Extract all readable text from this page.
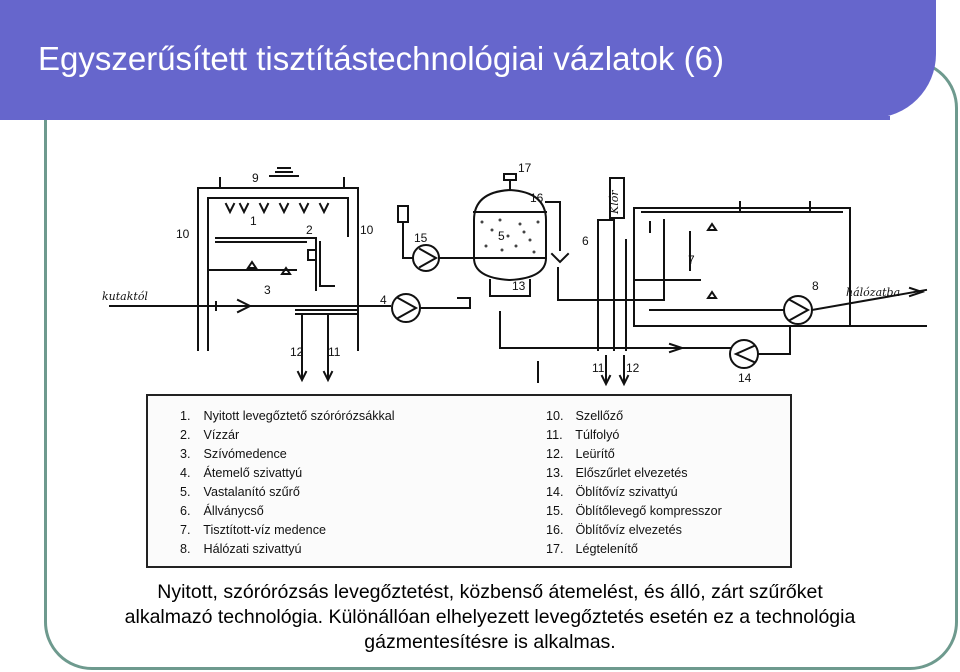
Egyszerűsített tisztítástechnológiai vázlatok (6)
kutaktól	hálózatba
Klór
1
2
3
4
5	6
7
8
9
10	10
11
11
12
12
13
14
15
16
17
1. Nyitott levegőztető szórórózsákkal
2. Vízzár
3. Szívómedence
4. Átemelő szivattyú
5. Vastalanító szűrő
6. Állványcső
7. Tisztított-víz medence
8. Hálózati szivattyú
10. Szellőző
11. Túlfolyó
12. Leürítő
13. Előszűrlet elvezetés
14. Öblítővíz szivattyú
15. Öblítőlevegő kompresszor
16. Öblítővíz elvezetés
17. Légtelenítő
Nyitott, szórórózsás levegőztetést, közbenső átemelést, és álló, zárt szűrőket
alkalmazó technológia. Különállóan elhelyezett levegőztetés esetén ez a technológia
gázmentesítésre is alkalmas.
